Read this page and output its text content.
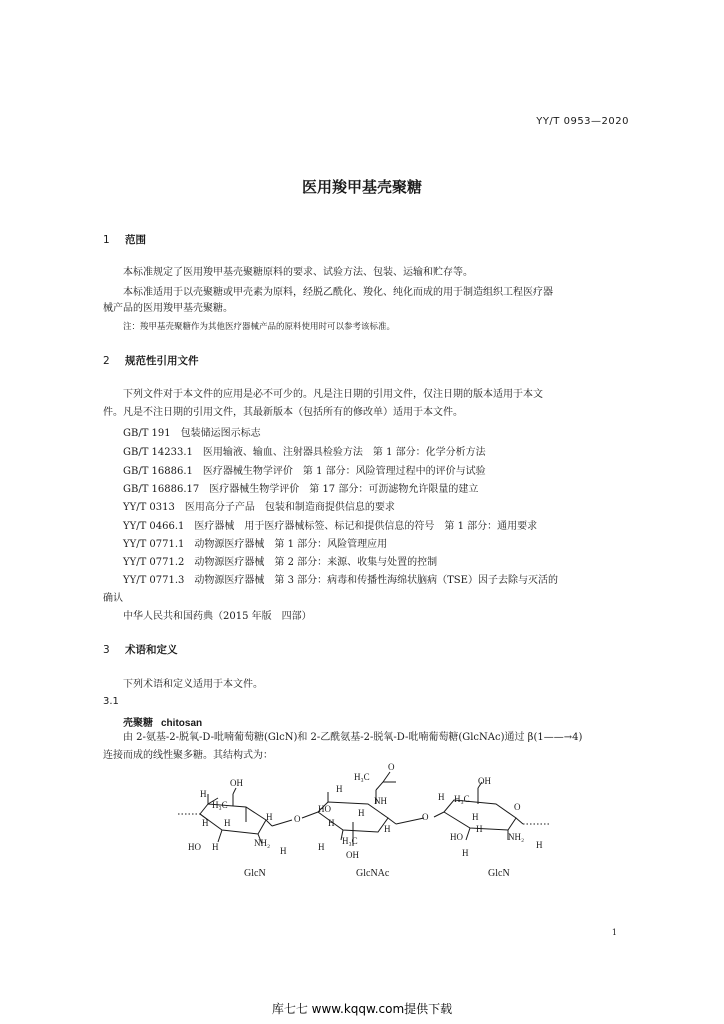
YY/T 0953—2020
医用羧甲基壳聚糖
1 范围
本标准规定了医用羧甲基壳聚糖原料的要求、试验方法、包装、运输和贮存等。
本标准适用于以壳聚糖或甲壳素为原料，经脱乙酰化、羧化、纯化而成的用于制造组织工程医疗器
械产品的医用羧甲基壳聚糖。
注：羧甲基壳聚糖作为其他医疗器械产品的原料使用时可以参考该标准。
2 规范性引用文件
下列文件对于本文件的应用是必不可少的。凡是注日期的引用文件，仅注日期的版本适用于本文
件。凡是不注日期的引用文件，其最新版本（包括所有的修改单）适用于本文件。
GB/T 191　包装储运图示标志
GB/T 14233.1　医用输液、输血、注射器具检验方法　第 1 部分：化学分析方法
GB/T 16886.1　医疗器械生物学评价　第 1 部分：风险管理过程中的评价与试验
GB/T 16886.17　医疗器械生物学评价　第 17 部分：可沥滤物允许限量的建立
YY/T 0313　医用高分子产品　包装和制造商提供信息的要求
YY/T 0466.1　医疗器械　用于医疗器械标签、标记和提供信息的符号　第 1 部分：通用要求
YY/T 0771.1　动物源医疗器械　第 1 部分：风险管理应用
YY/T 0771.2　动物源医疗器械　第 2 部分：来源、收集与处置的控制
YY/T 0771.3　动物源医疗器械　第 3 部分：病毒和传播性海绵状脑病（TSE）因子去除与灭活的
确认
中华人民共和国药典（2015 年版　四部）
3 术语和定义
下列术语和定义适用于本文件。
3.1
壳聚糖 chitosan
由 2-氨基-2-脱氧-D-吡喃葡萄糖(GlcN)和 2-乙酰氨基-2-脱氧-D-吡喃葡萄糖(GlcNAc)通过 β(1——→4)
连接而成的线性聚多糖。其结构式为：
H
OH
H₃C
H H
HO H	NH₂
H
H O
H
HO
H
H
NH
H₃C
O
H
H₃C
OH
H
O
OH
H₃C
H
H
O
HO
H
H
NH₂
H
GlcN	GlcNAc	GlcN
1
库七七 www.kqqw.com提供下载
